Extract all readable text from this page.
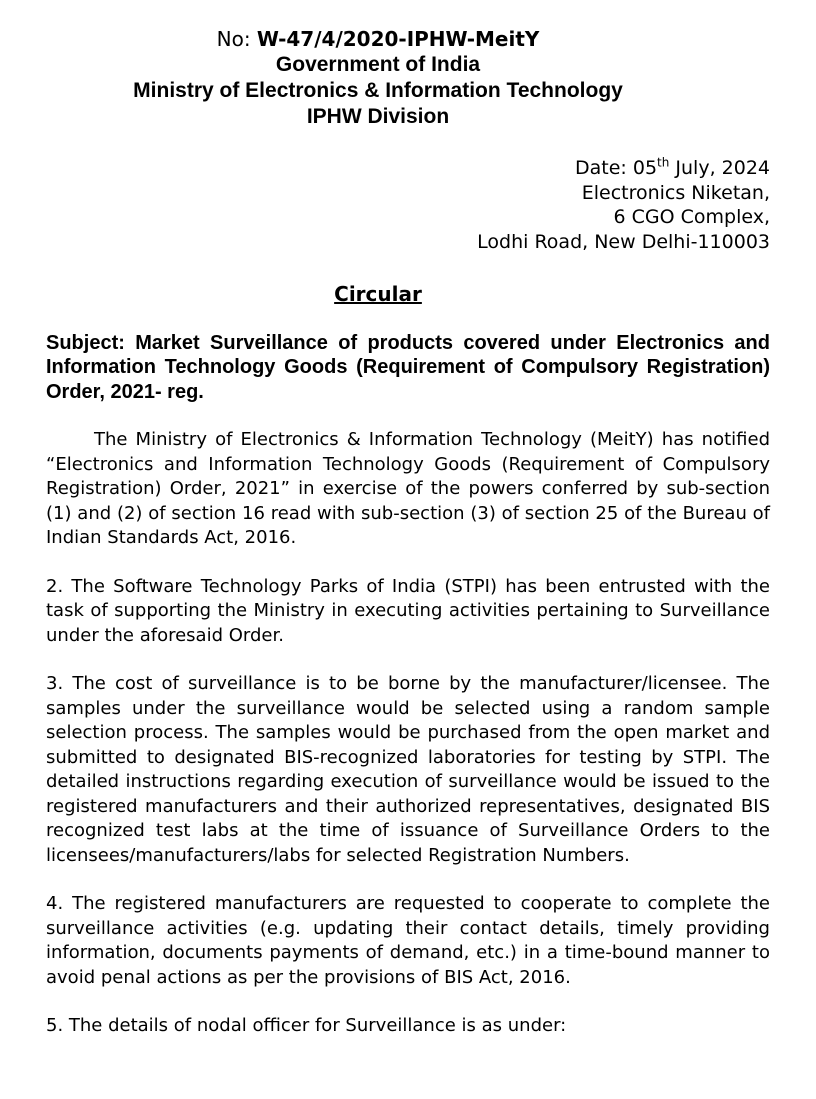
No: W-47/4/2020-IPHW-MeitY
Government of India
Ministry of Electronics & Information Technology
IPHW Division
Date: 05th July, 2024
Electronics Niketan,
6 CGO Complex,
Lodhi Road, New Delhi-110003
Circular

Subject: Market Surveillance of products covered under Electronics and Information Technology Goods (Requirement of Compulsory Registration) Order, 2021- reg.

The Ministry of Electronics & Information Technology (MeitY) has notified “Electronics and Information Technology Goods (Requirement of Compulsory Registration) Order, 2021” in exercise of the powers conferred by sub-section (1) and (2) of section 16 read with sub-section (3) of section 25 of the Bureau of Indian Standards Act, 2016.

2. The Software Technology Parks of India (STPI) has been entrusted with the task of supporting the Ministry in executing activities pertaining to Surveillance under the aforesaid Order.

3. The cost of surveillance is to be borne by the manufacturer/licensee. The samples under the surveillance would be selected using a random sample selection process. The samples would be purchased from the open market and submitted to designated BIS-recognized laboratories for testing by STPI. The detailed instructions regarding execution of surveillance would be issued to the registered manufacturers and their authorized representatives, designated BIS recognized test labs at the time of issuance of Surveillance Orders to the licensees/manufacturers/labs for selected Registration Numbers.

4. The registered manufacturers are requested to cooperate to complete the surveillance activities (e.g. updating their contact details, timely providing information, documents payments of demand, etc.) in a time-bound manner to avoid penal actions as per the provisions of BIS Act, 2016.

5. The details of nodal officer for Surveillance is as under:
